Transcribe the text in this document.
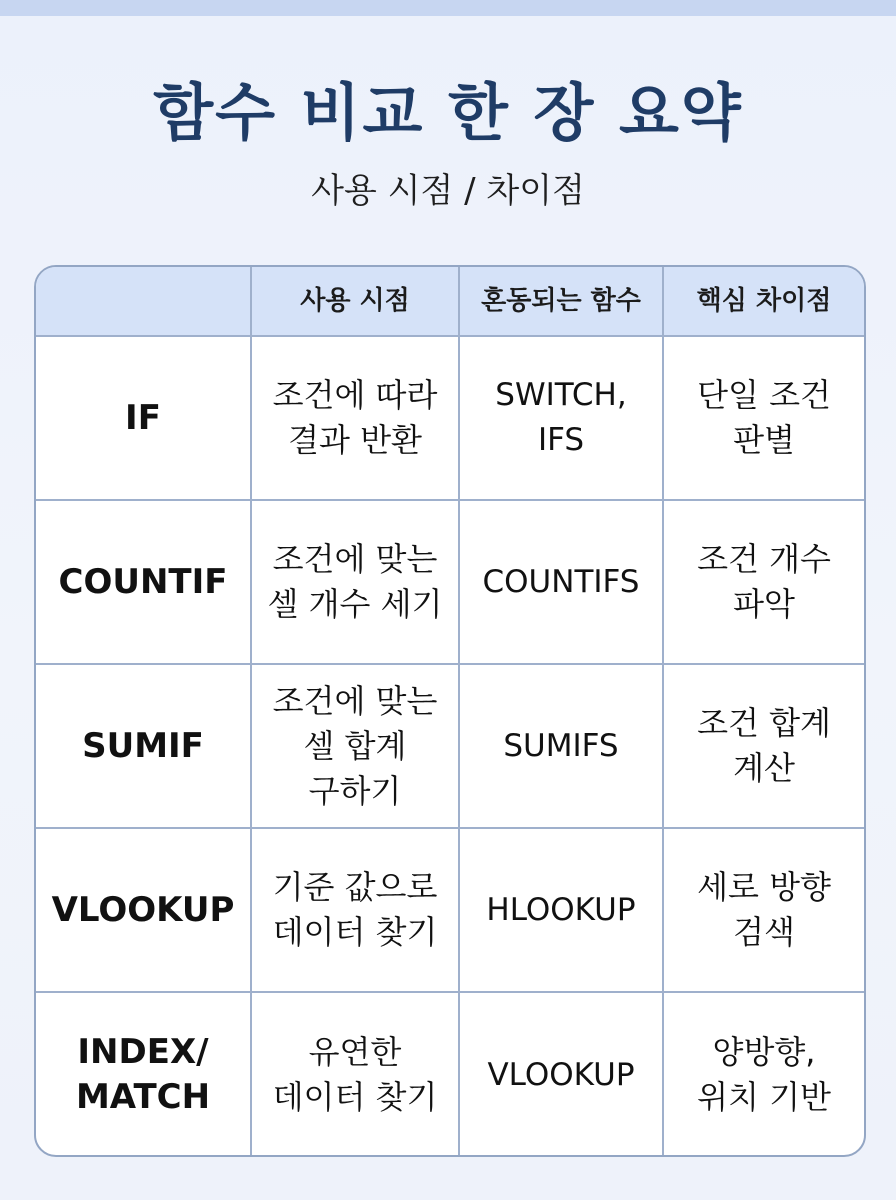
함수 비교 한 장 요약
사용 시점 / 차이점
사용 시점	혼동되는 함수	핵심 차이점
IF
조건에 따라
결과 반환
SWITCH,
IFS
단일 조건
판별
COUNTIF
조건에 맞는
셀 개수 세기
COUNTIFS
조건 개수
파악
SUMIF
조건에 맞는
셀 합계
구하기
SUMIFS
조건 합계
계산
VLOOKUP
기준 값으로
데이터 찾기
HLOOKUP
세로 방향
검색
INDEX/
MATCH
유연한
데이터 찾기
VLOOKUP
양방향,
위치 기반
